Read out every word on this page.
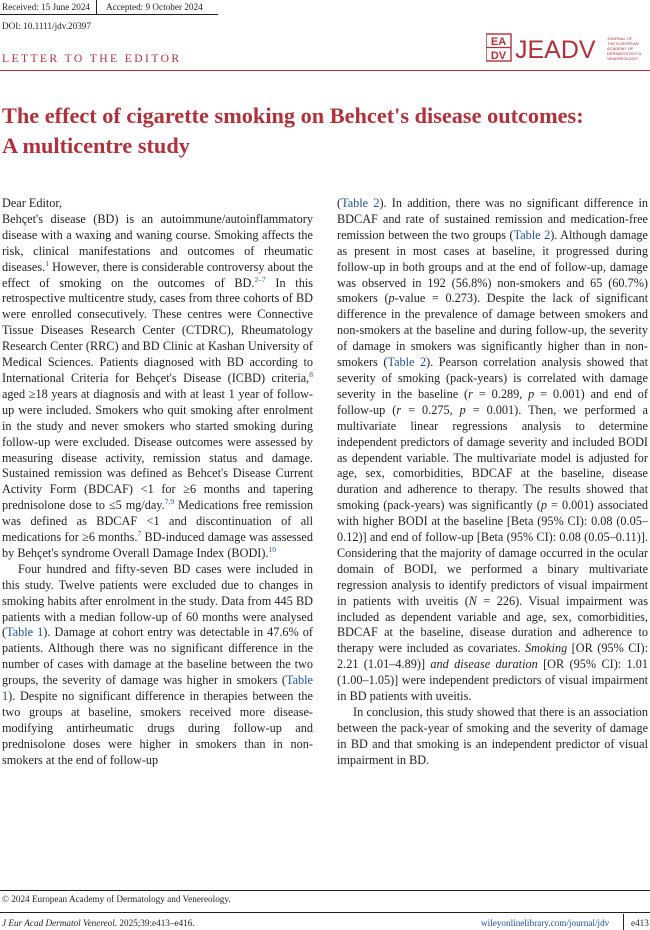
Received: 15 June 2024 Accepted: 9 October 2024
DOI: 10.1111/jdv.20397
EA
DV JEADV	JOURNAL OF
THE EUROPEAN
ACADEMY OF
DERMATOLOGY &
VENEREOLOGY
LETTER TO THE EDITOR
The effect of cigarette smoking on Behcet's disease outcomes:
A multicentre study

Dear Editor,

Behçet's disease (BD) is an autoimmune/autoinflammatory disease with a waxing and waning course. Smoking affects the risk, clinical manifestations and outcomes of rheumatic diseases.$^1$ However, there is considerable controversy about the effect of smoking on the outcomes of BD.$^{2-7}$ In this retrospective multicentre study, cases from three cohorts of BD were enrolled consecutively. These centres were Connective Tissue Diseases Research Center (CTDRC), Rheumatology Research Center (RRC) and BD Clinic at Kashan University of Medical Sciences. Patients diagnosed with BD according to International Criteria for Behçet's Disease (ICBD) criteria,$^8$ aged ≥18 years at diagnosis and with at least 1 year of follow-up were included. Smokers who quit smoking after enrolment in the study and never smokers who started smoking during follow-up were excluded. Disease outcomes were assessed by measuring disease activity, remission status and damage. Sustained remission was defined as Behcet's Disease Current Activity Form (BDCAF) <1 for ≥6 months and tapering prednisolone dose to ≤5 mg/day.$^{7,9}$ Medications free remission was defined as BDCAF <1 and discontinuation of all medications for ≥6 months.$^7$ BD-induced damage was assessed by Behçet's syndrome Overall Damage Index (BODI).$^{10}$

Four hundred and fifty-seven BD cases were included in this study. Twelve patients were excluded due to changes in smoking habits after enrolment in the study. Data from 445 BD patients with a median follow-up of 60 months were analysed (Table 1). Damage at cohort entry was detectable in 47.6% of patients. Although there was no significant difference in the number of cases with damage at the baseline between the two groups, the severity of damage was higher in smokers (Table 1). Despite no significant difference in therapies between the two groups at baseline, smokers received more disease-modifying antirheumatic drugs during follow-up and prednisolone doses were higher in smokers than in non-smokers at the end of follow-up

(Table 2). In addition, there was no significant difference in BDCAF and rate of sustained remission and medication-free remission between the two groups (Table 2). Although damage as present in most cases at baseline, it progressed during follow-up in both groups and at the end of follow-up, damage was observed in 192 (56.8%) non-smokers and 65 (60.7%) smokers (p-value = 0.273). Despite the lack of significant difference in the prevalence of damage between smokers and non-smokers at the baseline and during follow-up, the severity of damage in smokers was significantly higher than in non-smokers (Table 2). Pearson correlation analysis showed that severity of smoking (pack-years) is correlated with damage severity in the baseline (r = 0.289, p = 0.001) and end of follow-up (r = 0.275, p = 0.001). Then, we performed a multivariate linear regressions analysis to determine independent predictors of damage severity and included BODI as dependent variable. The multivariate model is adjusted for age, sex, comorbidities, BDCAF at the baseline, disease duration and adherence to therapy. The results showed that smoking (pack-years) was significantly (p = 0.001) associated with higher BODI at the baseline [Beta (95% CI): 0.08 (0.05–0.12)] and end of follow-up [Beta (95% CI): 0.08 (0.05–0.11)]. Considering that the majority of damage occurred in the ocular domain of BODI, we performed a binary multivariate regression analysis to identify predictors of visual impairment in patients with uveitis (N = 226). Visual impairment was included as dependent variable and age, sex, comorbidities, BDCAF at the baseline, disease duration and adherence to therapy were included as covariates. Smoking [OR (95% CI): 2.21 (1.01–4.89)] and disease duration [OR (95% CI): 1.01 (1.00–1.05)] were independent predictors of visual impairment in BD patients with uveitis.

In conclusion, this study showed that there is an association between the pack-year of smoking and the severity of damage in BD and that smoking is an independent predictor of visual impairment in BD.

© 2024 European Academy of Dermatology and Venereology.
J Eur Acad Dermatol Venereol. 2025;39:e413–e416.	wileyonlinelibrary.com/journal/jdv e413
